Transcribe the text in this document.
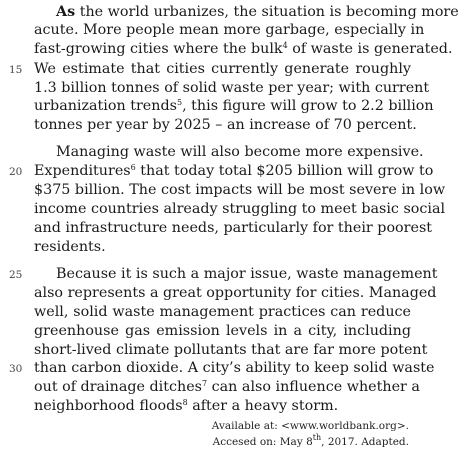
As the world urbanizes, the situation is becoming more
acute. More people mean more garbage, especially in
fast-growing cities where the bulk$^4$ of waste is generated.
15 We estimate that cities currently generate roughly
1.3 billion tonnes of solid waste per year; with current
urbanization trends$^5$, this figure will grow to 2.2 billion
tonnes per year by 2025 – an increase of 70 percent.
Managing waste will also become more expensive.
20 Expenditures$^6$ that today total $205 billion will grow to
$375 billion. The cost impacts will be most severe in low
income countries already struggling to meet basic social
and infrastructure needs, particularly for their poorest
residents.
25	Because it is such a major issue, waste management
also represents a great opportunity for cities. Managed
well, solid waste management practices can reduce
greenhouse gas emission levels in a city, including
short-lived climate pollutants that are far more potent
30 than carbon dioxide. A city’s ability to keep solid waste
out of drainage ditches$^7$ can also influence whether a
neighborhood floods$^8$ after a heavy storm.
Available at: <www.worldbank.org>.
Accesed on: May 8th, 2017. Adapted.
